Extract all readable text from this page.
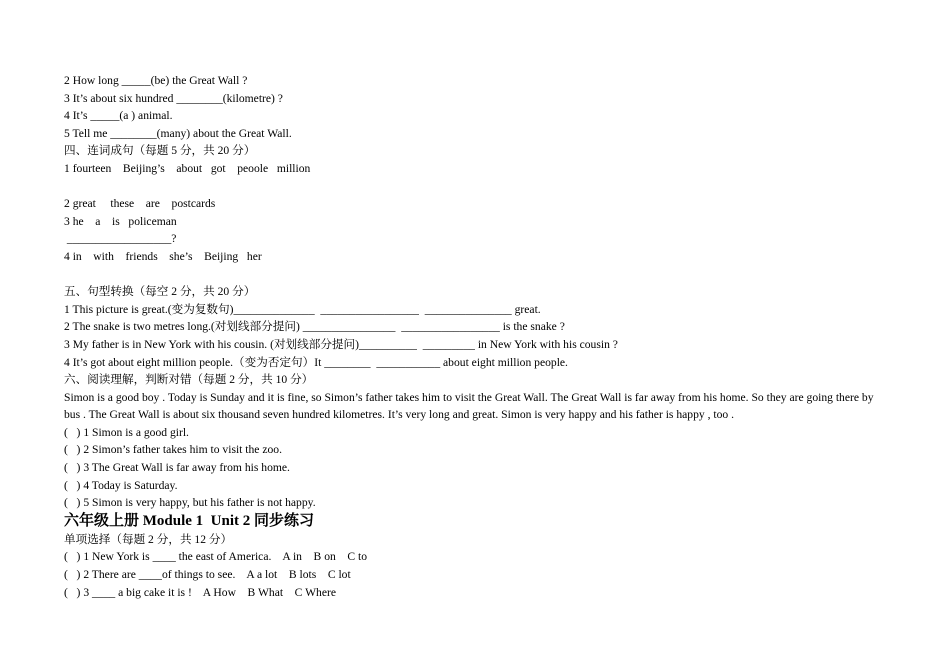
2 How long _____(be) the Great Wall ?
3 It’s about six hundred ________(kilometre) ?
4 It’s _____(a ) animal.
5 Tell me ________(many) about the Great Wall.
四、连词成句（每题 5 分，共 20 分）
1 fourteen    Beijing’s    about   got    peoole   million
2 great     these    are    postcards
3 he    a    is   policeman
__________________?
4 in    with    friends    she’s    Beijing   her
五、句型转换（每空 2 分，共 20 分）
1 This picture is great.(变为复数句)______________  _________________  _______________ great.
2 The snake is two metres long.(对划线部分提问) ________________  _________________ is the snake ?
3 My father is in New York with his cousin. (对划线部分提问)__________  _________ in New York with his cousin ?
4 It’s got about eight million people.（变为否定句）It ________  ___________ about eight million people.
六、阅读理解，判断对错（每题 2 分，共 10 分）
Simon is a good boy . Today is Sunday and it is fine, so Simon’s father takes him to visit the Great Wall. The Great Wall is far away from his home. So they are going there by bus . The Great Wall is about six thousand seven hundred kilometres. It’s very long and great. Simon is very happy and his father is happy , too .
(   ) 1 Simon is a good girl.
(   ) 2 Simon’s father takes him to visit the zoo.
(   ) 3 The Great Wall is far away from his home.
(   ) 4 Today is Saturday.
(   ) 5 Simon is very happy, but his father is not happy.
六年级上册 Module 1  Unit 2 同步练习
单项选择（每题 2 分，共 12 分）
(   ) 1 New York is ____ the east of America.    A in    B on    C to
(   ) 2 There are ____of things to see.    A a lot    B lots    C lot
(   ) 3 ____ a big cake it is !    A How    B What    C Where
